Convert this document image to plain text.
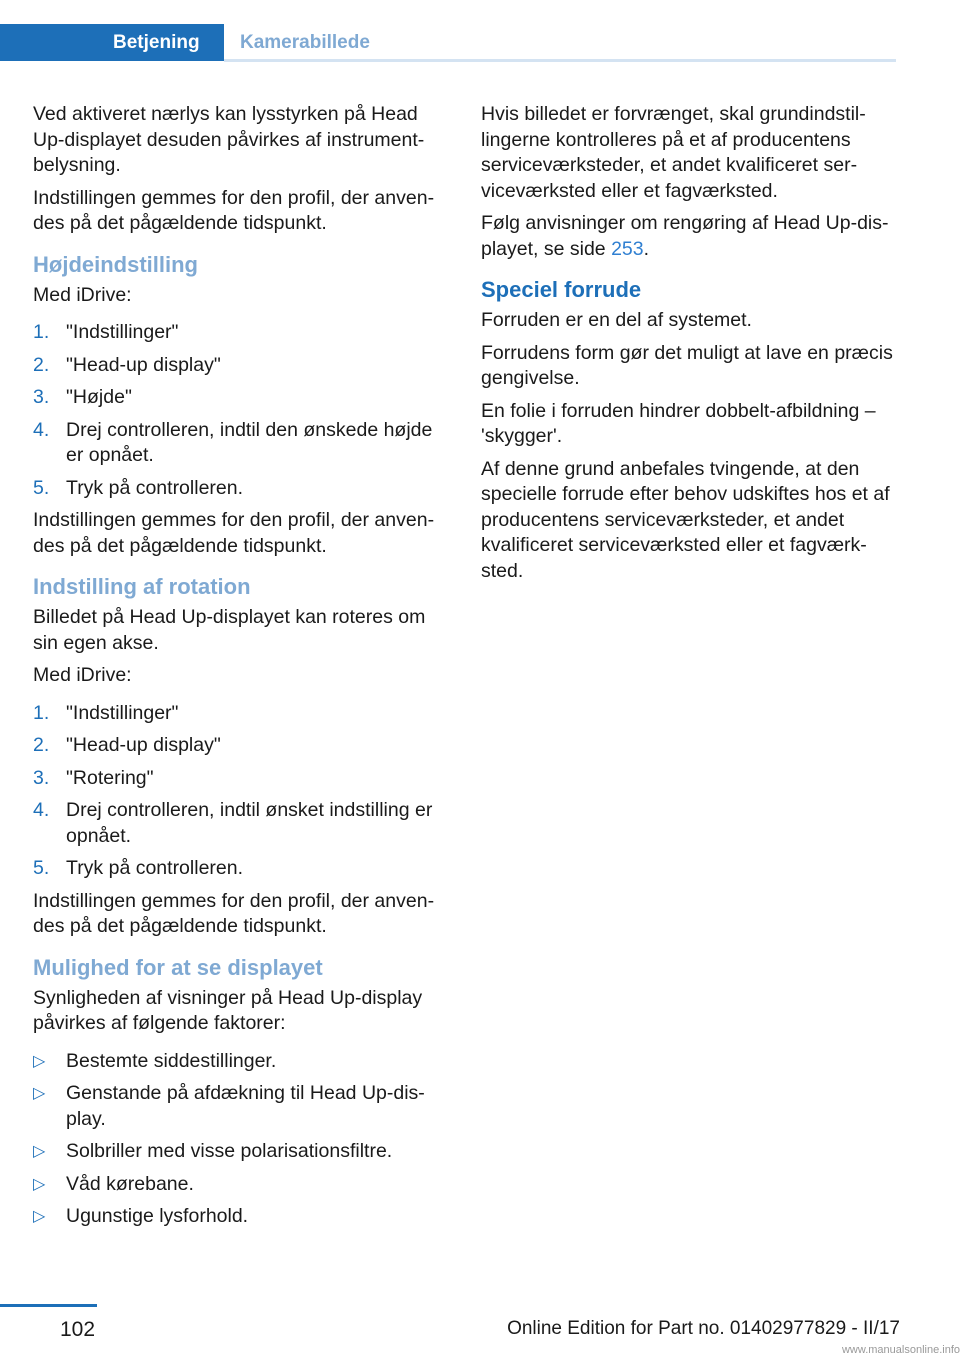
Betjening	Kamerabillede

Ved aktiveret nærlys kan lysstyrken på Head Up-displayet desuden påvirkes af instrumentbelysning.

Indstillingen gemmes for den profil, der anvendes på det pågældende tidspunkt.

Højdeindstilling

Med iDrive:

1. "Indstillinger"
2. "Head-up display"
3. "Højde"
4. Drej controlleren, indtil den ønskede højde er opnået.
5. Tryk på controlleren.

Indstillingen gemmes for den profil, der anvendes på det pågældende tidspunkt.

Indstilling af rotation

Billedet på Head Up-displayet kan roteres om sin egen akse.

Med iDrive:

1. "Indstillinger"
2. "Head-up display"
3. "Rotering"
4. Drej controlleren, indtil ønsket indstilling er opnået.
5. Tryk på controlleren.

Indstillingen gemmes for den profil, der anvendes på det pågældende tidspunkt.

Mulighed for at se displayet

Synligheden af visninger på Head Up-display påvirkes af følgende faktorer:

▷ Bestemte siddestillinger.
▷ Genstande på afdækning til Head Up-display.
▷ Solbriller med visse polarisationsfiltre.
▷ Våd kørebane.
▷ Ugunstige lysforhold.

Hvis billedet er forvrænget, skal grundindstillingerne kontrolleres på et af producentens serviceværksteder, et andet kvalificeret serviceværksted eller et fagværksted.

Følg anvisninger om rengøring af Head Up-displayet, se side 253.

Speciel forrude

Forruden er en del af systemet.

Forrudens form gør det muligt at lave en præcis gengivelse.

En folie i forruden hindrer dobbelt-afbildning – 'skygger'.

Af denne grund anbefales tvingende, at den specielle forrude efter behov udskiftes hos et af producentens serviceværksteder, et andet kvalificeret serviceværksted eller et fagværksted.

102	Online Edition for Part no. 01402977829 - II/17
www.manualsonline.info
